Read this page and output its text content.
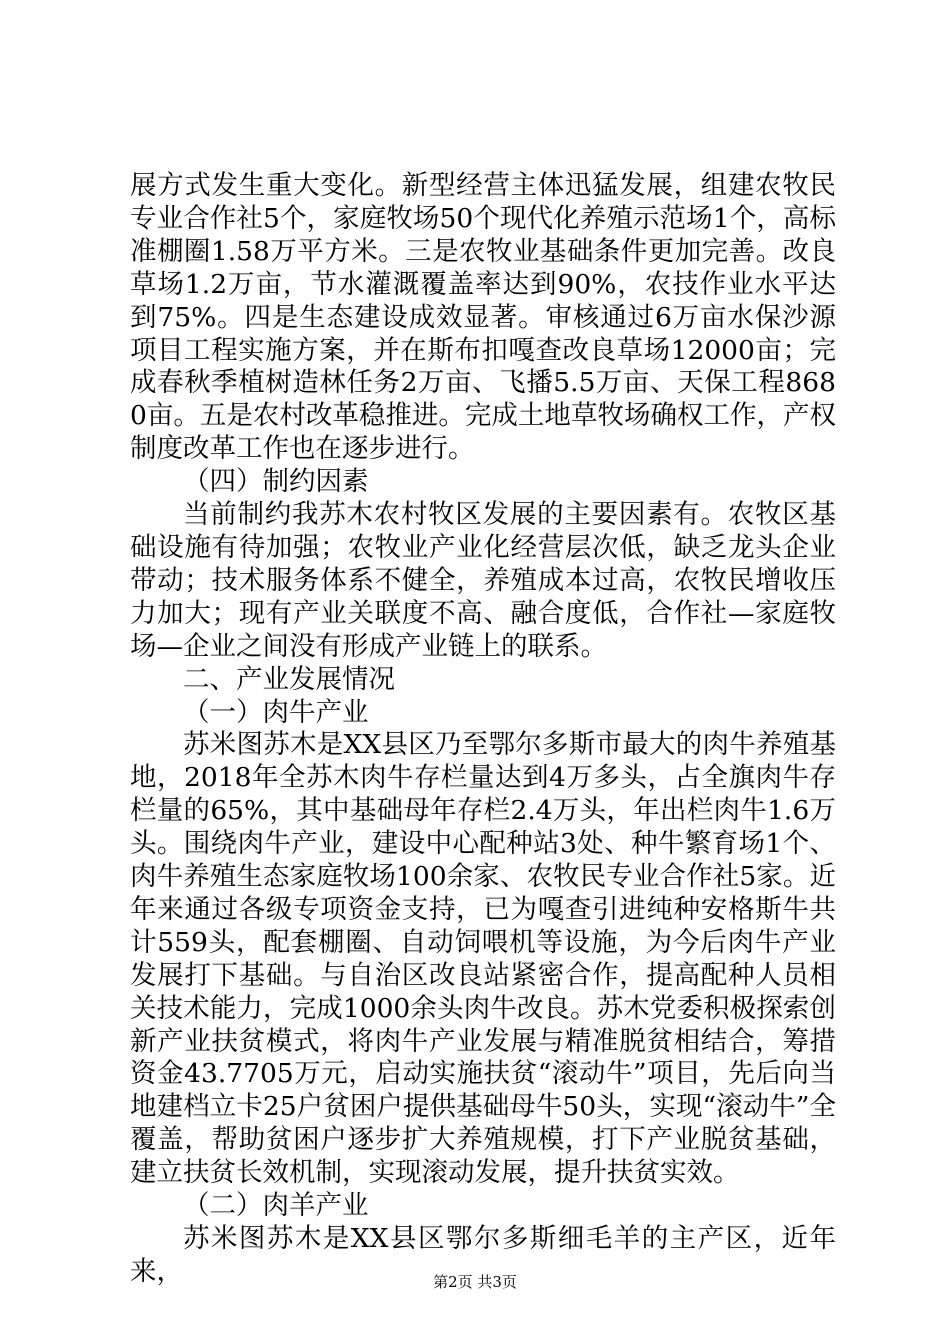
展方式发生重大变化。新型经营主体迅猛发展，组建农牧民专业合作社5个，家庭牧场50个现代化养殖示范场1个，高标准棚圈1.58万平方米。三是农牧业基础条件更加完善。改良草场1.2万亩，节水灌溉覆盖率达到90%，农技作业水平达到75%。四是生态建设成效显著。审核通过6万亩水保沙源项目工程实施方案，并在斯布扣嘎查改良草场12000亩；完成春秋季植树造林任务2万亩、飞播5.5万亩、天保工程8680亩。五是农村改革稳推进。完成土地草牧场确权工作，产权制度改革工作也在逐步进行。

（四）制约因素

当前制约我苏木农村牧区发展的主要因素有。农牧区基础设施有待加强；农牧业产业化经营层次低，缺乏龙头企业带动；技术服务体系不健全，养殖成本过高，农牧民增收压力加大；现有产业关联度不高、融合度低，合作社—家庭牧场—企业之间没有形成产业链上的联系。

二、产业发展情况

（一）肉牛产业

苏米图苏木是XX县区乃至鄂尔多斯市最大的肉牛养殖基地，2018年全苏木肉牛存栏量达到4万多头，占全旗肉牛存栏量的65%，其中基础母年存栏2.4万头，年出栏肉牛1.6万头。围绕肉牛产业，建设中心配种站3处、种牛繁育场1个、肉牛养殖生态家庭牧场100余家、农牧民专业合作社5家。近年来通过各级专项资金支持，已为嘎查引进纯种安格斯牛共计559头，配套棚圈、自动饲喂机等设施，为今后肉牛产业发展打下基础。与自治区改良站紧密合作，提高配种人员相关技术能力，完成1000余头肉牛改良。苏木党委积极探索创新产业扶贫模式，将肉牛产业发展与精准脱贫相结合，筹措资金43.7705万元，启动实施扶贫“滚动牛”项目，先后向当地建档立卡25户贫困户提供基础母牛50头，实现“滚动牛”全覆盖，帮助贫困户逐步扩大养殖规模，打下产业脱贫基础，建立扶贫长效机制，实现滚动发展，提升扶贫实效。

（二）肉羊产业

苏米图苏木是XX县区鄂尔多斯细毛羊的主产区，近年来，	第2页 共3页
